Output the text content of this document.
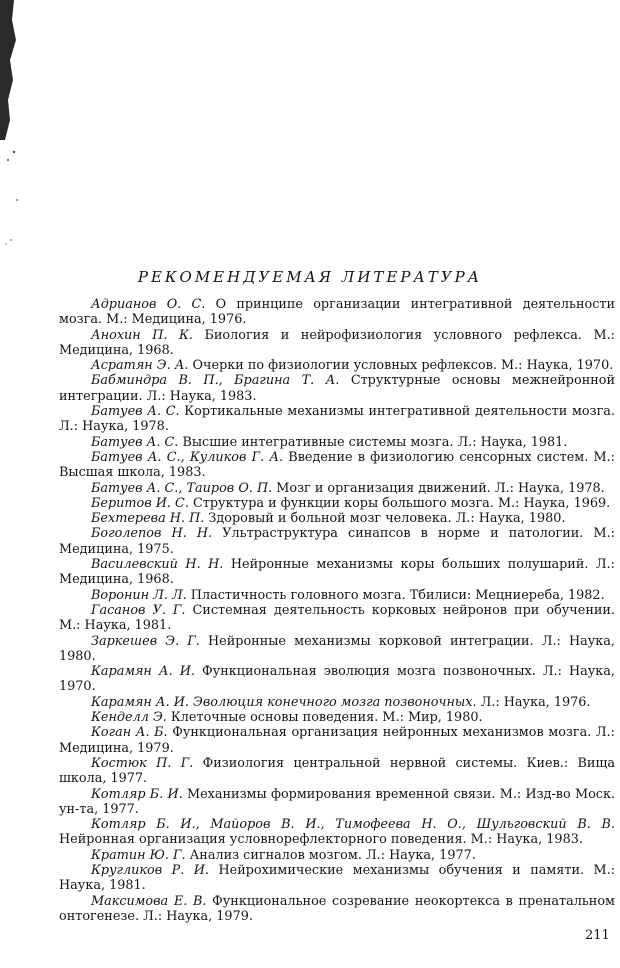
РЕКОМЕНДУЕМАЯ ЛИТЕРАТУРА
Адрианов О. С. О принципе организации интегративной деятельности мозга. М.: Медицина, 1976.
Анохин П. К. Биология и нейрофизиология условного рефлекса. М.: Медицина, 1968.
Асратян Э. А. Очерки по физиологии условных рефлексов. М.: Наука, 1970.
Бабминдра В. П., Брагина Т. А. Структурные основы межнейронной интеграции. Л.: Наука, 1983.
Батуев А. С. Кортикальные механизмы интегративной деятельности мозга. Л.: Наука, 1978.
Батуев А. С. Высшие интегративные системы мозга. Л.: Наука, 1981.
Батуев А. С., Куликов Г. А. Введение в физиологию сенсорных систем. М.: Высшая школа, 1983.
Батуев А. С., Таиров О. П. Мозг и организация движений. Л.: Наука, 1978.
Беритов И. С. Структура и функции коры большого мозга. М.: Наука, 1969.
Бехтерева Н. П. Здоровый и больной мозг человека. Л.: Наука, 1980.
Боголепов Н. Н. Ультраструктура синапсов в норме и патологии. М.: Медицина, 1975.
Василевский Н. Н. Нейронные механизмы коры больших полушарий. Л.: Медицина, 1968.
Воронин Л. Л. Пластичность головного мозга. Тбилиси: Мецниереба, 1982.
Гасанов У. Г. Системная деятельность корковых нейронов при обучении. М.: Наука, 1981.
Заркешев Э. Г. Нейронные механизмы корковой интеграции. Л.: Наука, 1980.
Карамян А. И. Функциональная эволюция мозга позвоночных. Л.: Наука, 1970.
Карамян А. И. Эволюция конечного мозга позвоночных. Л.: Наука, 1976.
Кенделл Э. Клеточные основы поведения. М.: Мир, 1980.
Коган А. Б. Функциональная организация нейронных механизмов мозга. Л.: Медицина, 1979.
Костюк П. Г. Физиология центральной нервной системы. Киев.: Вища школа, 1977.
Котляр Б. И. Механизмы формирования временной связи. М.: Изд-во Моск. ун-та, 1977.
Котляр Б. И., Майоров В. И., Тимофеева Н. О., Шульговский В. В. Нейронная организация условнорефлекторного поведения. М.: Наука, 1983.
Кратин Ю. Г. Анализ сигналов мозгом. Л.: Наука, 1977.
Кругликов Р. И. Нейрохимические механизмы обучения и памяти. М.: Наука, 1981.
Максимова Е. В. Функциональное созревание неокортекса в пренатальном онтогенезе. Л.: Наука, 1979.

211
